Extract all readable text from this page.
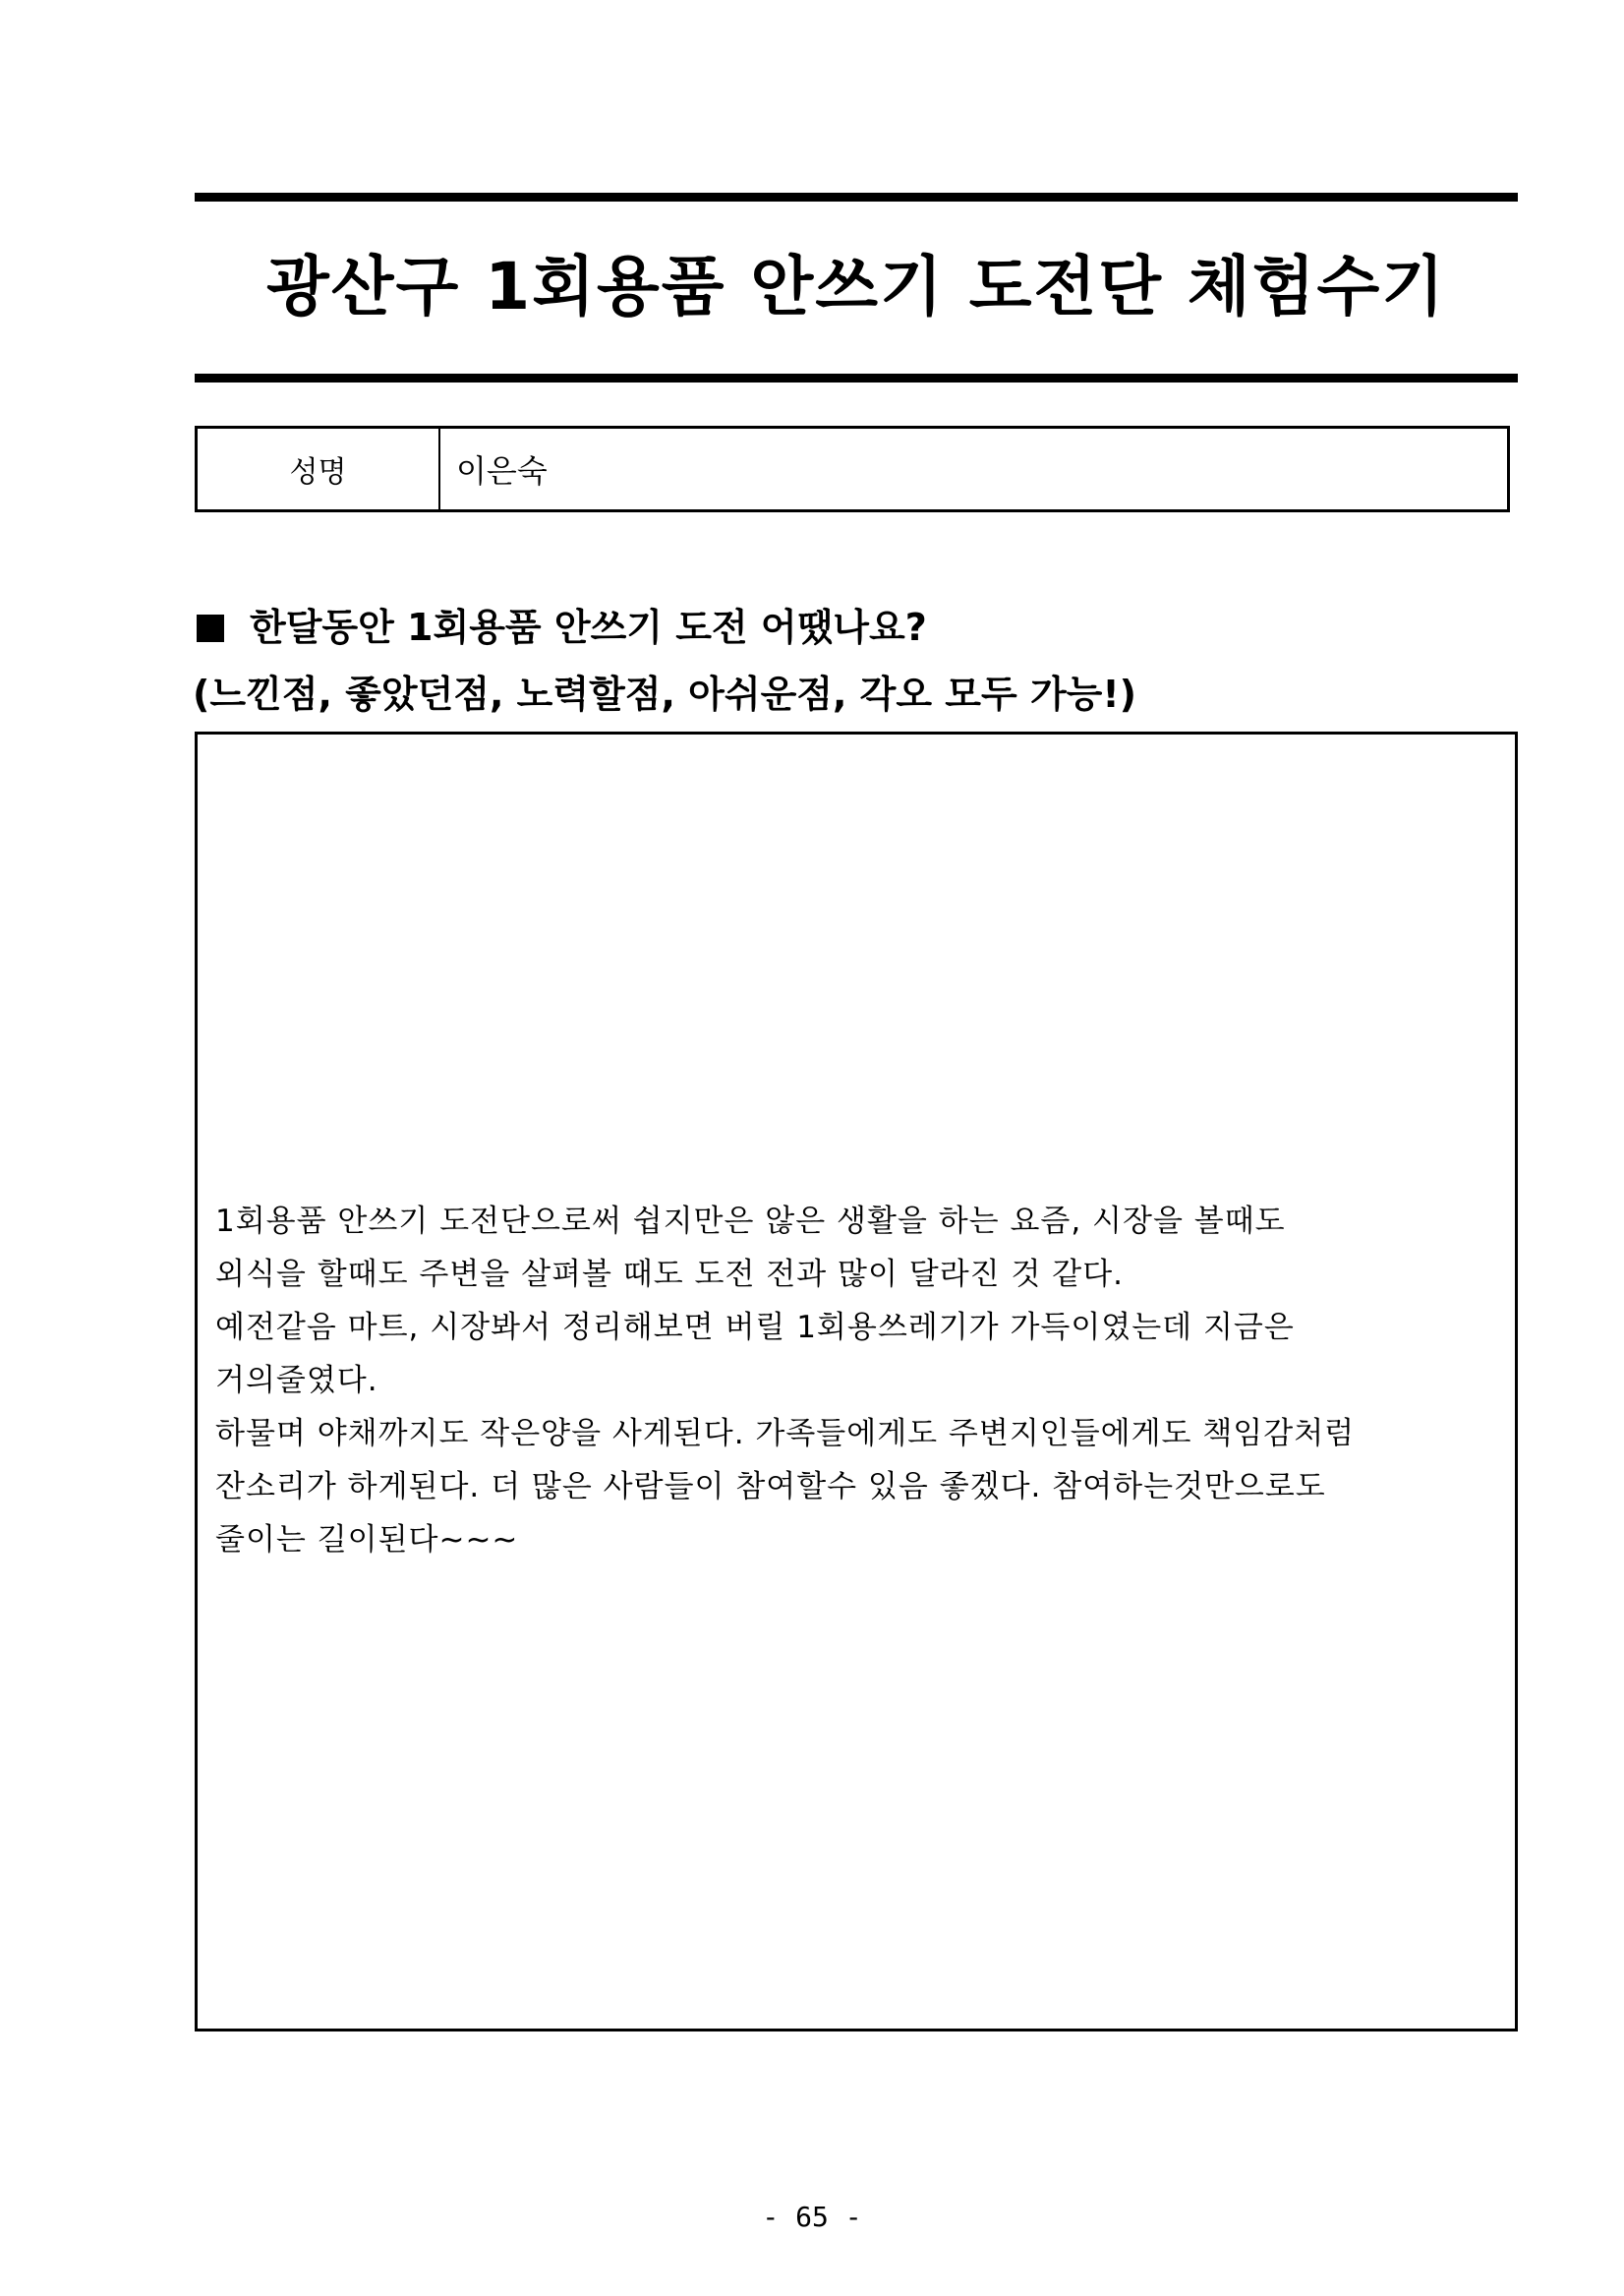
광산구 1회용품 안쓰기 도전단 체험수기
성명	이은숙
한달동안 1회용품 안쓰기 도전 어땠나요?
(느낀점, 좋았던점, 노력할점, 아쉬운점, 각오 모두 가능!)
1회용품 안쓰기 도전단으로써 쉽지만은 않은 생활을 하는 요즘, 시장을 볼때도
외식을 할때도 주변을 살펴볼 때도 도전 전과 많이 달라진 것 같다.
예전같음 마트, 시장봐서 정리해보면 버릴 1회용쓰레기가 가득이였는데 지금은
거의줄였다.
하물며 야채까지도 작은양을 사게된다. 가족들에게도 주변지인들에게도 책임감처럼
잔소리가 하게된다. 더 많은 사람들이 참여할수 있음 좋겠다. 참여하는것만으로도
줄이는 길이된다~~~
- 65 -
